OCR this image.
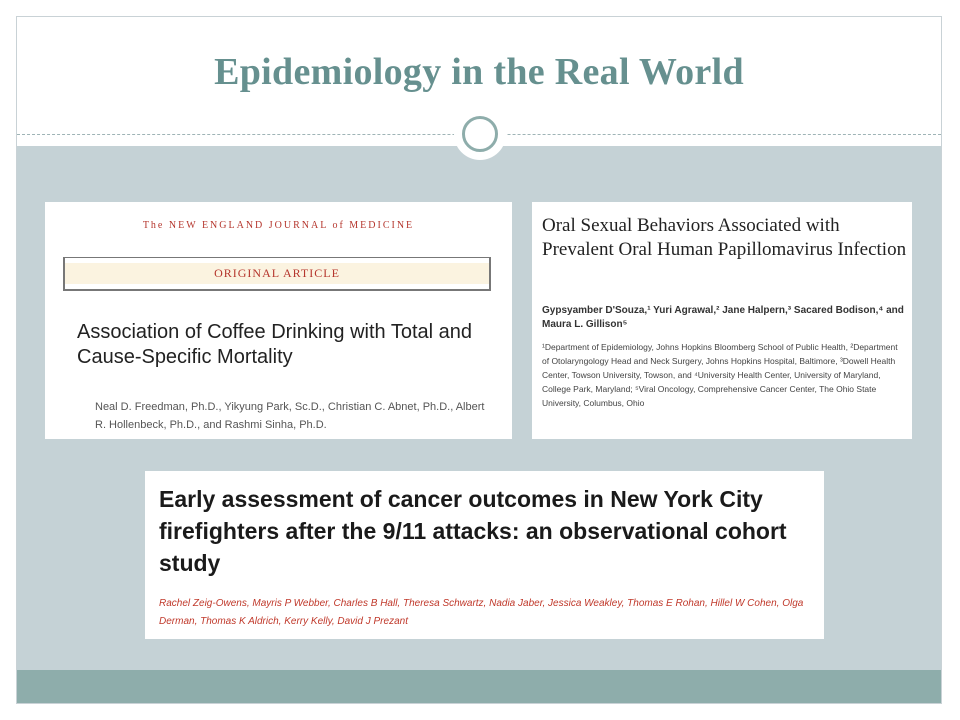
Epidemiology in the Real World
The NEW ENGLAND JOURNAL of MEDICINE
ORIGINAL ARTICLE
Association of Coffee Drinking with Total and Cause-Specific Mortality
Neal D. Freedman, Ph.D., Yikyung Park, Sc.D., Christian C. Abnet, Ph.D., Albert R. Hollenbeck, Ph.D., and Rashmi Sinha, Ph.D.
Oral Sexual Behaviors Associated with Prevalent Oral Human Papillomavirus Infection
Gypsyamber D'Souza,¹ Yuri Agrawal,² Jane Halpern,³ Sacared Bodison,⁴ and Maura L. Gillison⁵
¹Department of Epidemiology, Johns Hopkins Bloomberg School of Public Health, ²Department of Otolaryngology Head and Neck Surgery, Johns Hopkins Hospital, Baltimore, ³Dowell Health Center, Towson University, Towson, and ⁴University Health Center, University of Maryland, College Park, Maryland; ⁵Viral Oncology, Comprehensive Cancer Center, The Ohio State University, Columbus, Ohio
Early assessment of cancer outcomes in New York City firefighters after the 9/11 attacks: an observational cohort study
Rachel Zeig-Owens, Mayris P Webber, Charles B Hall, Theresa Schwartz, Nadia Jaber, Jessica Weakley, Thomas E Rohan, Hillel W Cohen, Olga Derman, Thomas K Aldrich, Kerry Kelly, David J Prezant
